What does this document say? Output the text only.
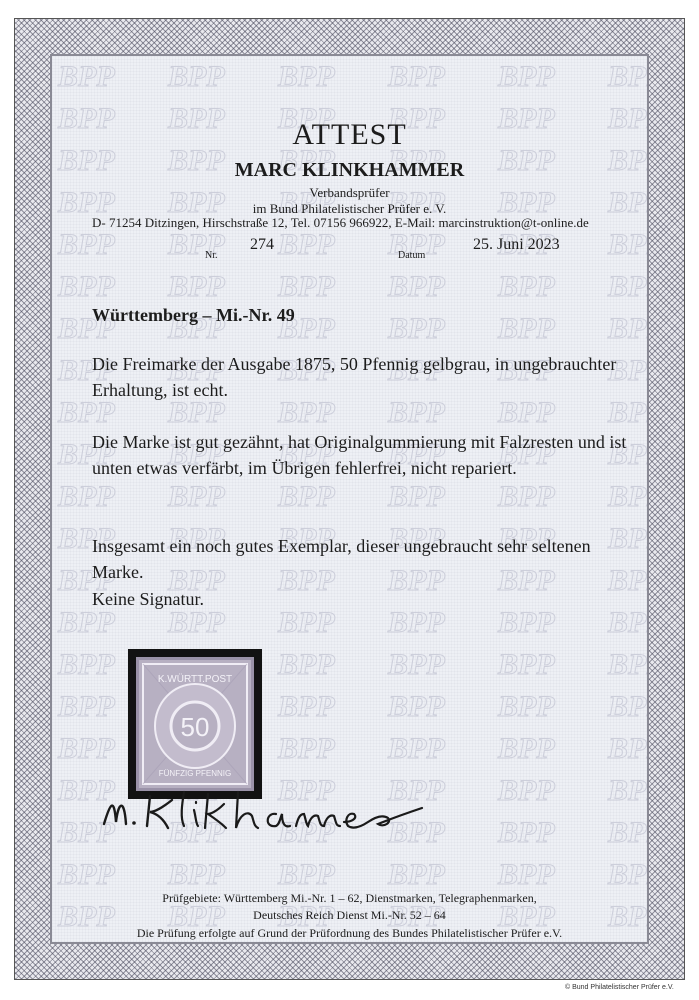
ATTEST
MARC KLINKHAMMER
Verbandsprüfer
im Bund Philatelistischer Prüfer e. V.
D- 71254 Ditzingen, Hirschstraße 12, Tel. 07156 966922, E-Mail: marcinstruktion@t-online.de
Nr.
274
Datum
25. Juni 2023
Württemberg – Mi.-Nr. 49
Die Freimarke der Ausgabe 1875, 50 Pfennig gelbgrau, in ungebrauchter Erhaltung, ist echt.
Die Marke ist gut gezähnt, hat Originalgummierung mit Falzresten und ist unten etwas verfärbt, im Übrigen fehlerfrei, nicht repariert.
Insgesamt ein noch gutes Exemplar, dieser ungebraucht sehr seltenen Marke.
Keine Signatur.
K.WÜRTT.POST
50
FÜNFZIG PFENNIG
Prüfgebiete: Württemberg Mi.-Nr. 1 – 62, Dienstmarken, Telegraphenmarken,
Deutsches Reich Dienst Mi.-Nr. 52 – 64
Die Prüfung erfolgte auf Grund der Prüfordnung des Bundes Philatelistischer Prüfer e.V.
© Bund Philatelistischer Prüfer e.V.
